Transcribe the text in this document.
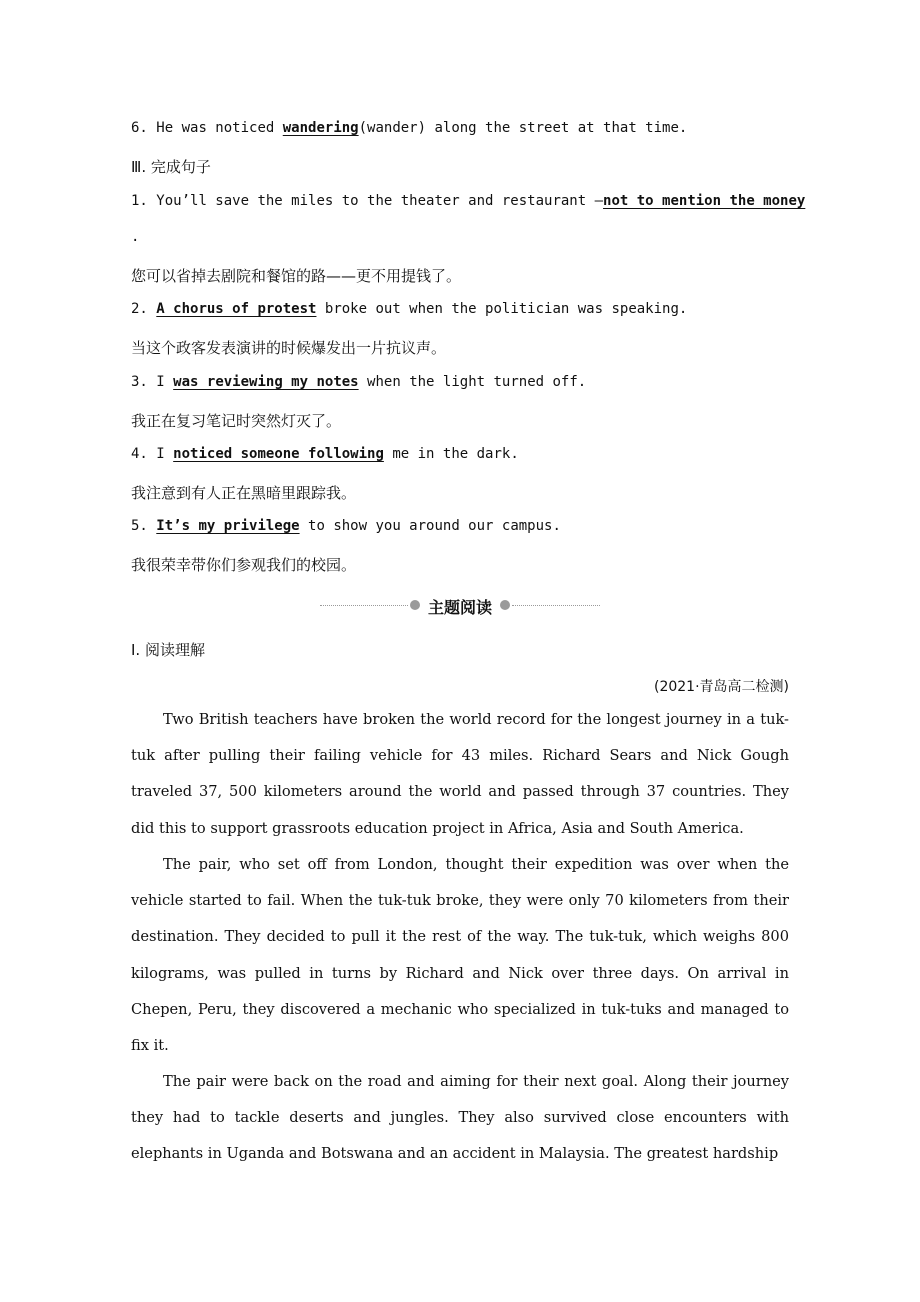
6. He was noticed wandering(wander) along the street at that time.
Ⅲ. 完成句子
1. You’ll save the miles to the theater and restaurant —not to mention the money
.
您可以省掉去剧院和餐馆的路——更不用提钱了。
2. A chorus of protest broke out when the politician was speaking.
当这个政客发表演讲的时候爆发出一片抗议声。
3. I was reviewing my notes when the light turned off.
我正在复习笔记时突然灯灭了。
4. I noticed someone following me in the dark.
我注意到有人正在黑暗里跟踪我。
5. It’s my privilege to show you around our campus.
我很荣幸带你们参观我们的校园。
主题阅读
Ⅰ. 阅读理解
(2021·青岛高二检测)
Two British teachers have broken the world record for the longest journey in a tuk-tuk after pulling their failing vehicle for 43 miles. Richard Sears and Nick Gough traveled 37, 500 kilometers around the world and passed through 37 countries. They did this to support grassroots education project in Africa, Asia and South America.
The pair, who set off from London, thought their expedition was over when the vehicle started to fail. When the tuk-tuk broke, they were only 70 kilometers from their destination. They decided to pull it the rest of the way. The tuk-tuk, which weighs 800 kilograms, was pulled in turns by Richard and Nick over three days. On arrival in Chepen, Peru, they discovered a mechanic who specialized in tuk-tuks and managed to fix it.
The pair were back on the road and aiming for their next goal. Along their journey they had to tackle deserts and jungles. They also survived close encounters with elephants in Uganda and Botswana and an accident in Malaysia. The greatest hardship
